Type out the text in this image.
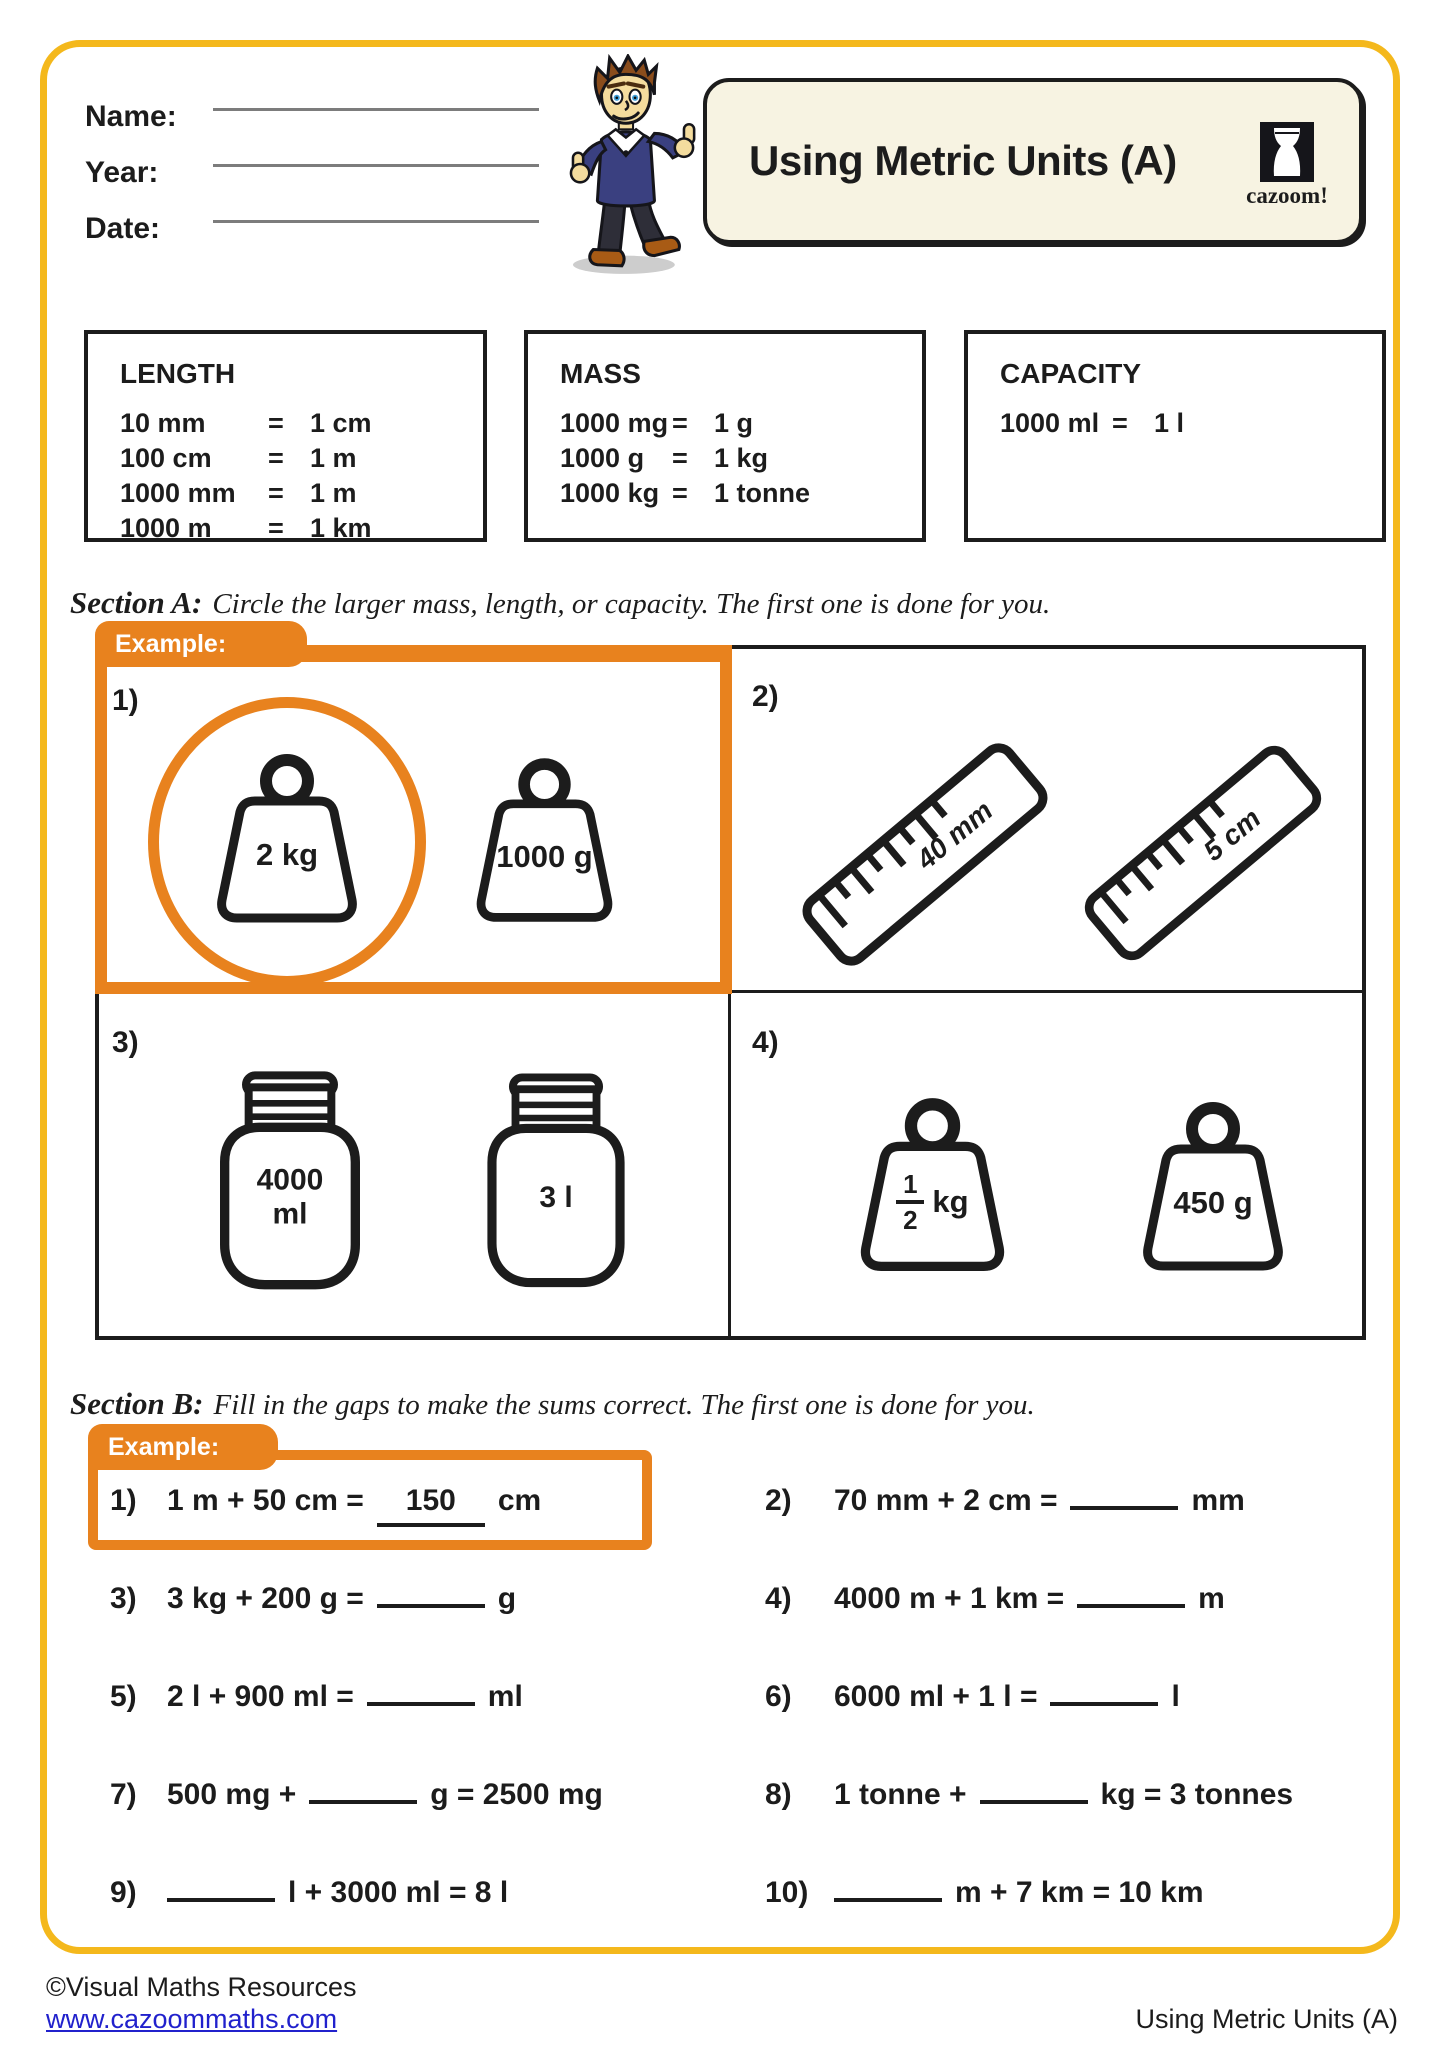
Name:
Year:
Date:
Using Metric Units (A)
cazoom!
LENGTH
10 mm	= 1 cm
100 cm	= 1 m
1000 mm	= 1 m
1000 m	= 1 km
MASS
1000 mg = 1 g
1000 g	= 1 kg
1000 kg = 1 tonne
CAPACITY
1000 ml = 1 l
Section A: Circle the larger mass, length, or capacity. The first one is done for you.
Example:
1)	2)
3)	4)
2 kg	1000 g	40 mm	5 cm
4000
ml
3 l	$\frac{1}{2}$ kg	450 g
Section B: Fill in the gaps to make the sums correct. The first one is done for you.
Example:
1)	1 m + 50 cm =	150	cm	2)	70 mm + 2 cm =	mm
3)	3 kg + 200 g =	g	4)	4000 m + 1 km =	m
5)	2 l + 900 ml =	ml	6)	6000 ml + 1 l =	l
7)	500 mg +	g = 2500 mg	8)	1 tonne +	kg = 3 tonnes
9)	l + 3000 ml = 8 l	10)	m + 7 km = 10 km
©Visual Maths Resources
www.cazoommaths.com	Using Metric Units (A)
